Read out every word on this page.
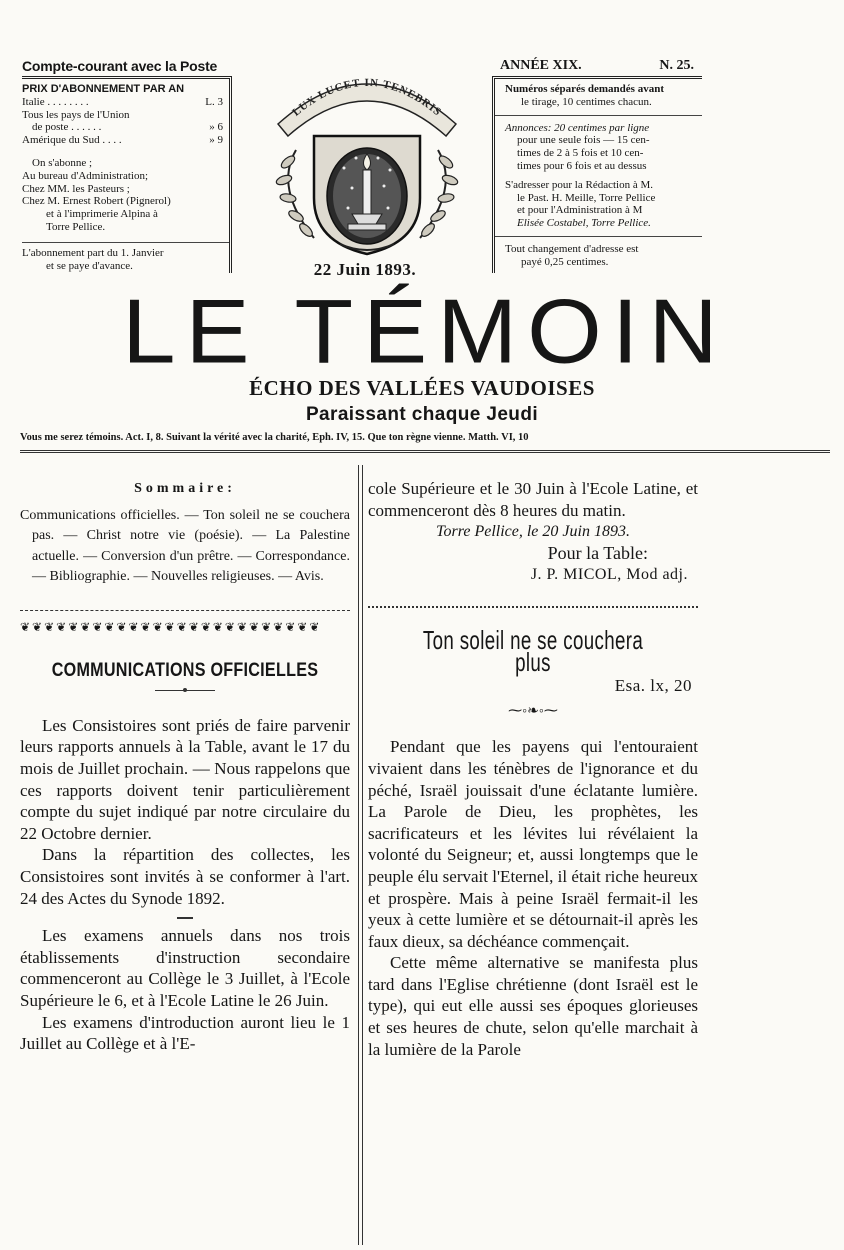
Compte-courant avec la Poste
PRIX D'ABONNEMENT PAR AN
Italie . . . . . . . .	L. 3
Tous les pays de l'Union
de poste . . . . . .	» 6
Amérique du Sud . . . .	» 9
On s'abonne ;
Au bureau d'Administration;
Chez MM. les Pasteurs ;
Chez M. Ernest Robert (Pignerol)
et à l'imprimerie Alpina à
Torre Pellice.
L'abonnement part du 1. Janvier
et se paye d'avance.
LUX LUCET IN TENEBRIS
22 Juin 1893.
ANNÉE XIX.	N. 25.
Numéros séparés demandés avant
le tirage, 10 centimes chacun.
Annonces: 20 centimes par ligne
pour une seule fois — 15 cen-
times de 2 à 5 fois et 10 cen-
times pour 6 fois et au dessus
S'adresser pour la Rédaction à M.
le Past. H. Meille, Torre Pellice
et pour l'Administration à M
Elisée Costabel, Torre Pellice.
Tout changement d'adresse est
payé 0,25 centimes.
LE TÉMOIN
ÉCHO DES VALLÉES VAUDOISES
Paraissant chaque Jeudi
Vous me serez témoins. Act. I, 8. Suivant la vérité avec la charité, Eph. IV, 15. Que ton règne vienne. Matth. VI, 10
Sommaire:
Communications officielles. — Ton soleil ne se couchera pas. — Christ notre vie (poésie). — La Palestine actuelle. — Conversion d'un prêtre. — Correspondance. — Bibliographie. — Nouvelles religieuses. — Avis.
❦❦❦❦❦❦❦❦❦❦❦❦❦❦❦❦❦❦❦❦❦❦❦❦❦
COMMUNICATIONS OFFICIELLES

Les Consistoires sont priés de faire parvenir leurs rapports annuels à la Table, avant le 17 du mois de Juillet prochain. — Nous rappelons que ces rapports doivent tenir particulièrement compte du sujet indiqué par notre circulaire du 22 Octobre dernier.

Dans la répartition des collectes, les Consistoires sont invités à se conformer à l'art. 24 des Actes du Synode 1892.

Les examens annuels dans nos trois établissements d'instruction secondaire commenceront au Collège le 3 Juillet, à l'Ecole Supérieure le 6, et à l'Ecole Latine le 26 Juin.

Les examens d'introduction auront lieu le 1 Juillet au Collège et à l'E-

cole Supérieure et le 30 Juin à l'Ecole Latine, et commenceront dès 8 heures du matin.

Torre Pellice, le 20 Juin 1893.
Pour la Table:
J. P. MICOL, Mod adj.
Ton soleil ne se couchera plus
Esa. lx, 20
⁓◦❧◦⁓

Pendant que les payens qui l'entouraient vivaient dans les ténèbres de l'ignorance et du péché, Israël jouissait d'une éclatante lumière. La Parole de Dieu, les prophètes, les sacrificateurs et les lévites lui révélaient la volonté du Seigneur; et, aussi longtemps que le peuple élu servait l'Eternel, il était riche heureux et prospère. Mais à peine Israël fermait-il les yeux à cette lumière et se détournait-il après les faux dieux, sa déchéance commençait.

Cette même alternative se manifesta plus tard dans l'Eglise chrétienne (dont Israël est le type), qui eut elle aussi ses époques glorieuses et ses heures de chute, selon qu'elle marchait à la lumière de la Parole
